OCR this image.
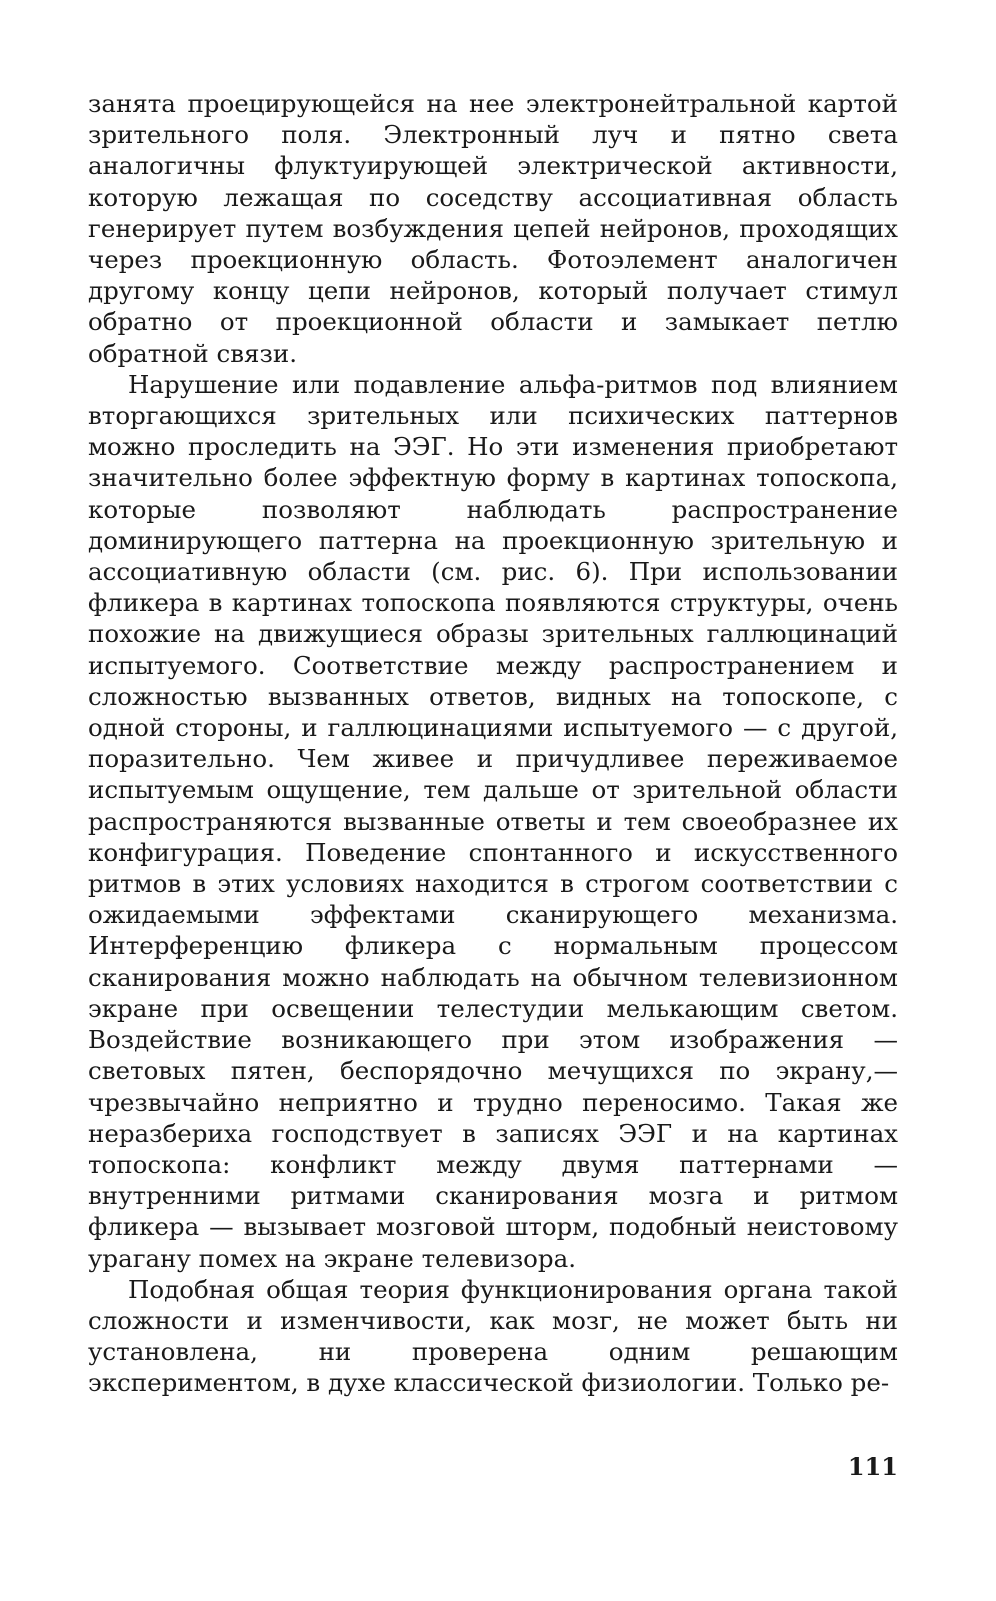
занята проецирующейся на нее электронейтральной картой зрительного поля. Электронный луч и пятно света аналогичны флуктуирующей электрической активности, которую лежащая по соседству ассоциативная область генерирует путем возбуждения цепей нейронов, проходящих через проекционную область. Фотоэлемент аналогичен другому концу цепи нейронов, который получает стимул обратно от проекционной области и замыкает петлю обратной связи.

Нарушение или подавление альфа-ритмов под влиянием вторгающихся зрительных или психических паттернов можно проследить на ЭЭГ. Но эти изменения приобретают значительно более эффектную форму в картинах топоскопа, которые позволяют наблюдать распространение доминирующего паттерна на проекционную зрительную и ассоциативную области (см. рис. 6). При использовании фликера в картинах топоскопа появляются структуры, очень похожие на движущиеся образы зрительных галлюцинаций испытуемого. Соответствие между распространением и сложностью вызванных ответов, видных на топоскопе, с одной стороны, и галлюцинациями испытуемого — с другой, поразительно. Чем живее и причудливее переживаемое испытуемым ощущение, тем дальше от зрительной области распространяются вызванные ответы и тем своеобразнее их конфигурация. Поведение спонтанного и искусственного ритмов в этих условиях находится в строгом соответствии с ожидаемыми эффектами сканирующего механизма. Интерференцию фликера с нормальным процессом сканирования можно наблюдать на обычном телевизионном экране при освещении телестудии мелькающим светом. Воздействие возникающего при этом изображения — световых пятен, беспорядочно мечущихся по экрану,— чрезвычайно неприятно и трудно переносимо. Такая же неразбериха господствует в записях ЭЭГ и на картинах топоскопа: конфликт между двумя паттернами — внутренними ритмами сканирования мозга и ритмом фликера — вызывает мозговой шторм, подобный неистовому урагану помех на экране телевизора.

Подобная общая теория функционирования органа такой сложности и изменчивости, как мозг, не может быть ни установлена, ни проверена одним решающим экспериментом, в духе классической физиологии. Только ре-

111
